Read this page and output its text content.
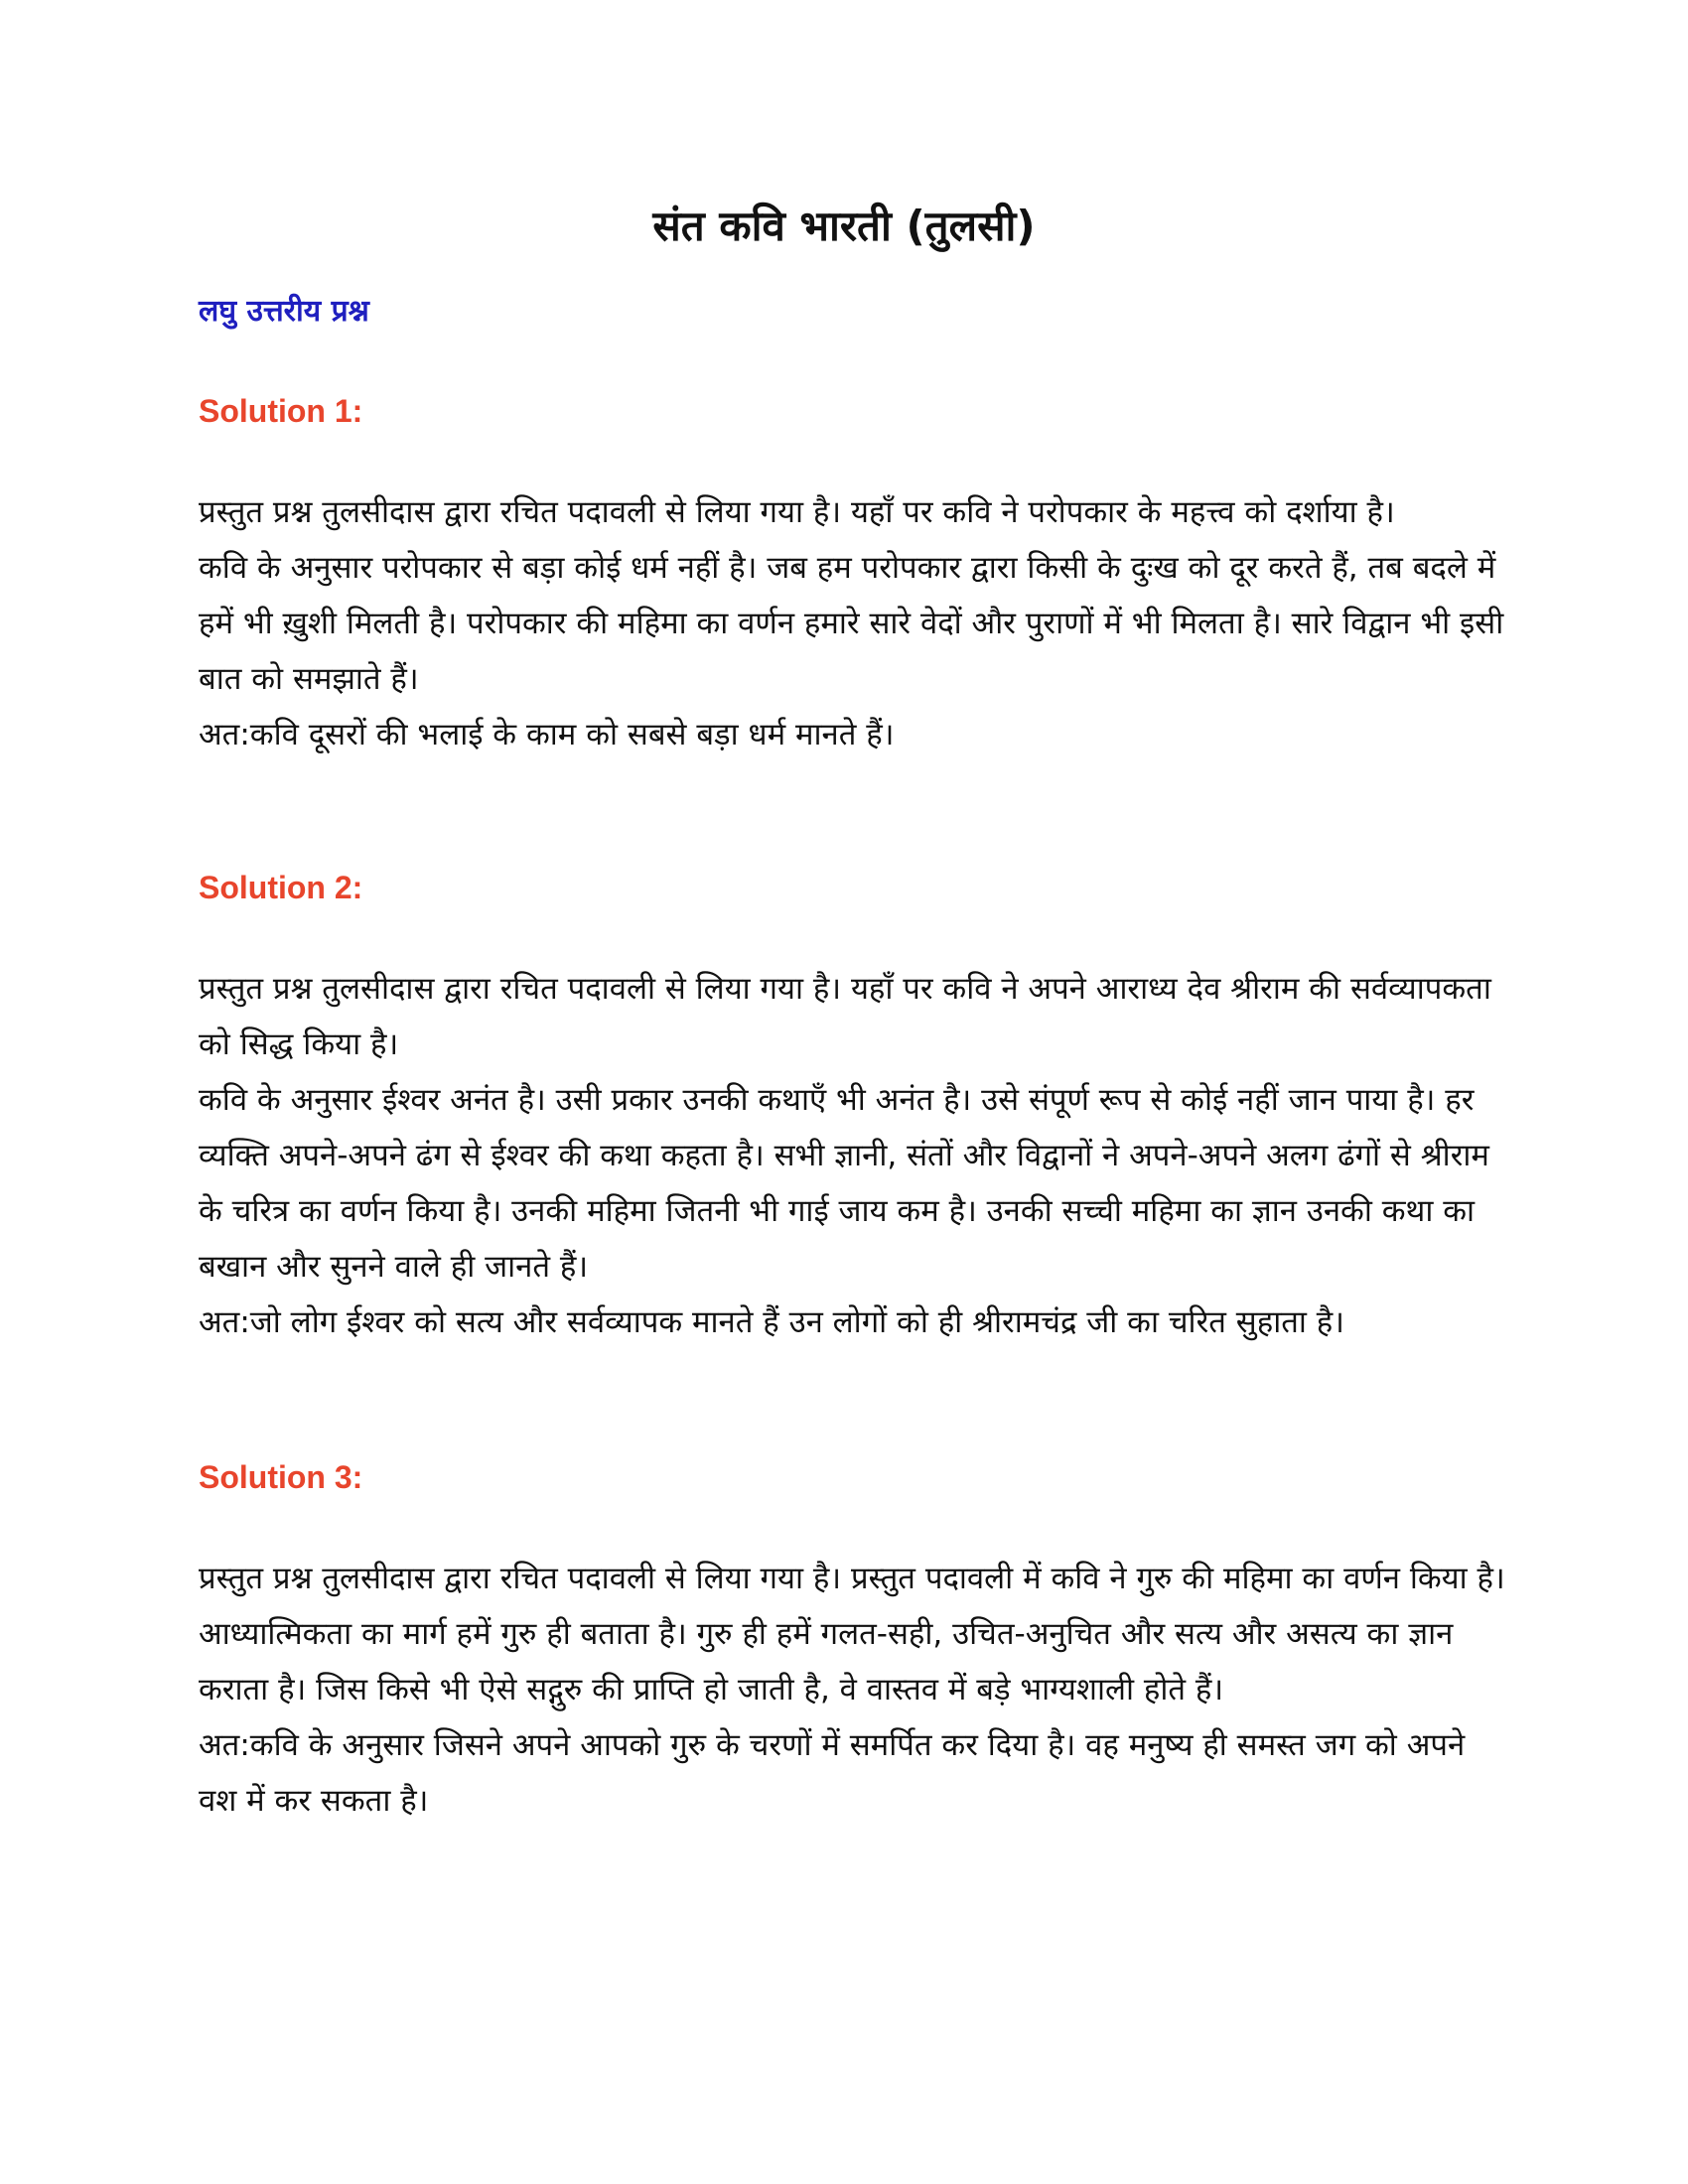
संत कवि भारती (तुलसी)
लघु उत्तरीय प्रश्न
Solution 1:

प्रस्तुत प्रश्न तुलसीदास द्वारा रचित पदावली से लिया गया है। यहाँ पर कवि ने परोपकार के महत्त्व को दर्शाया है।

कवि के अनुसार परोपकार से बड़ा कोई धर्म नहीं है। जब हम परोपकार द्वारा किसी के दुःख को दूर करते हैं, तब बदले में हमें भी ख़ुशी मिलती है। परोपकार की महिमा का वर्णन हमारे सारे वेदों और पुराणों में भी मिलता है। सारे विद्वान भी इसी बात को समझाते हैं।

अत:कवि दूसरों की भलाई के काम को सबसे बड़ा धर्म मानते हैं।

Solution 2:

प्रस्तुत प्रश्न तुलसीदास द्वारा रचित पदावली से लिया गया है। यहाँ पर कवि ने अपने आराध्य देव श्रीराम की सर्वव्यापकता को सिद्ध किया है।

कवि के अनुसार ईश्वर अनंत है। उसी प्रकार उनकी कथाएँ भी अनंत है। उसे संपूर्ण रूप से कोई नहीं जान पाया है। हर व्यक्ति अपने-अपने ढंग से ईश्वर की कथा कहता है। सभी ज्ञानी, संतों और विद्वानों ने अपने-अपने अलग ढंगों से श्रीराम के चरित्र का वर्णन किया है। उनकी महिमा जितनी भी गाई जाय कम है। उनकी सच्ची महिमा का ज्ञान उनकी कथा का बखान और सुनने वाले ही जानते हैं।

अत:जो लोग ईश्वर को सत्य और सर्वव्यापक मानते हैं उन लोगों को ही श्रीरामचंद्र जी का चरित सुहाता है।

Solution 3:

प्रस्तुत प्रश्न तुलसीदास द्वारा रचित पदावली से लिया गया है। प्रस्तुत पदावली में कवि ने गुरु की महिमा का वर्णन किया है।

आध्यात्मिकता का मार्ग हमें गुरु ही बताता है। गुरु ही हमें गलत-सही, उचित-अनुचित और सत्य और असत्य का ज्ञान कराता है। जिस किसे भी ऐसे सद्गुरु की प्राप्ति हो जाती है, वे वास्तव में बड़े भाग्यशाली होते हैं।

अत:कवि के अनुसार जिसने अपने आपको गुरु के चरणों में समर्पित कर दिया है। वह मनुष्य ही समस्त जग को अपने वश में कर सकता है।
